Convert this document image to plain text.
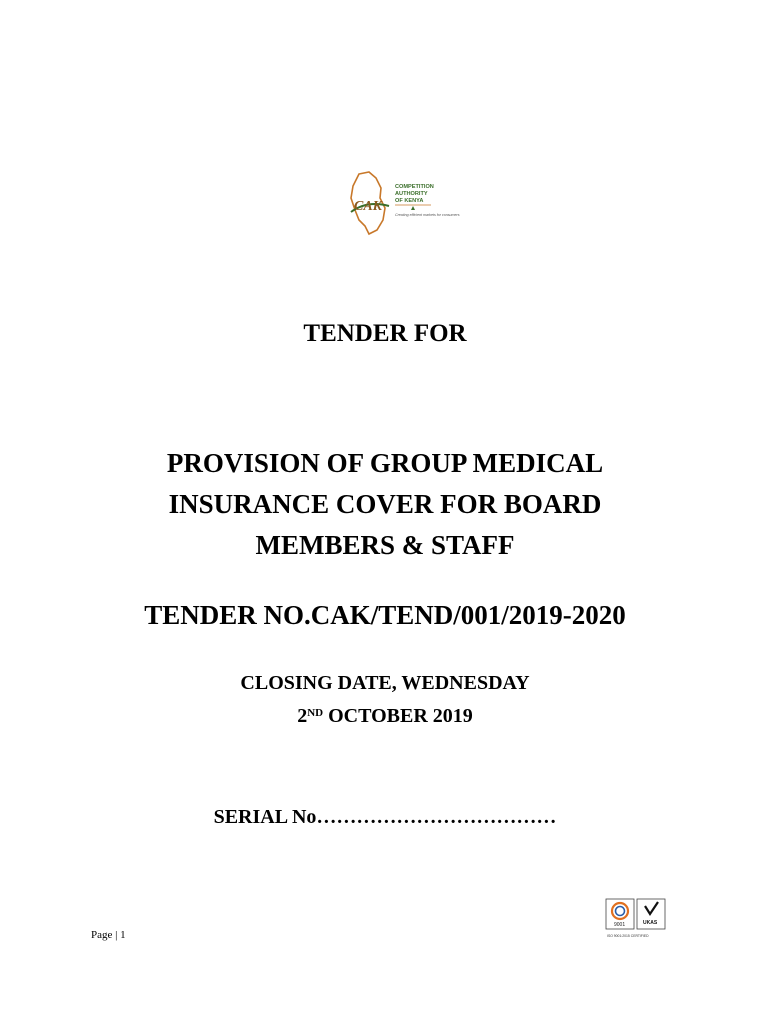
CAK
COMPETITION
AUTHORITY
OF KENYA
Creating efficient markets for consumers
TENDER FOR
PROVISION OF GROUP MEDICAL
INSURANCE COVER FOR BOARD
MEMBERS & STAFF
TENDER NO.CAK/TEND/001/2019-2020
CLOSING DATE, WEDNESDAY
2ND OCTOBER 2019
SERIAL No………………………………
Page | 1
9001	UKAS
ISO 9001:2015 CERTIFIED
